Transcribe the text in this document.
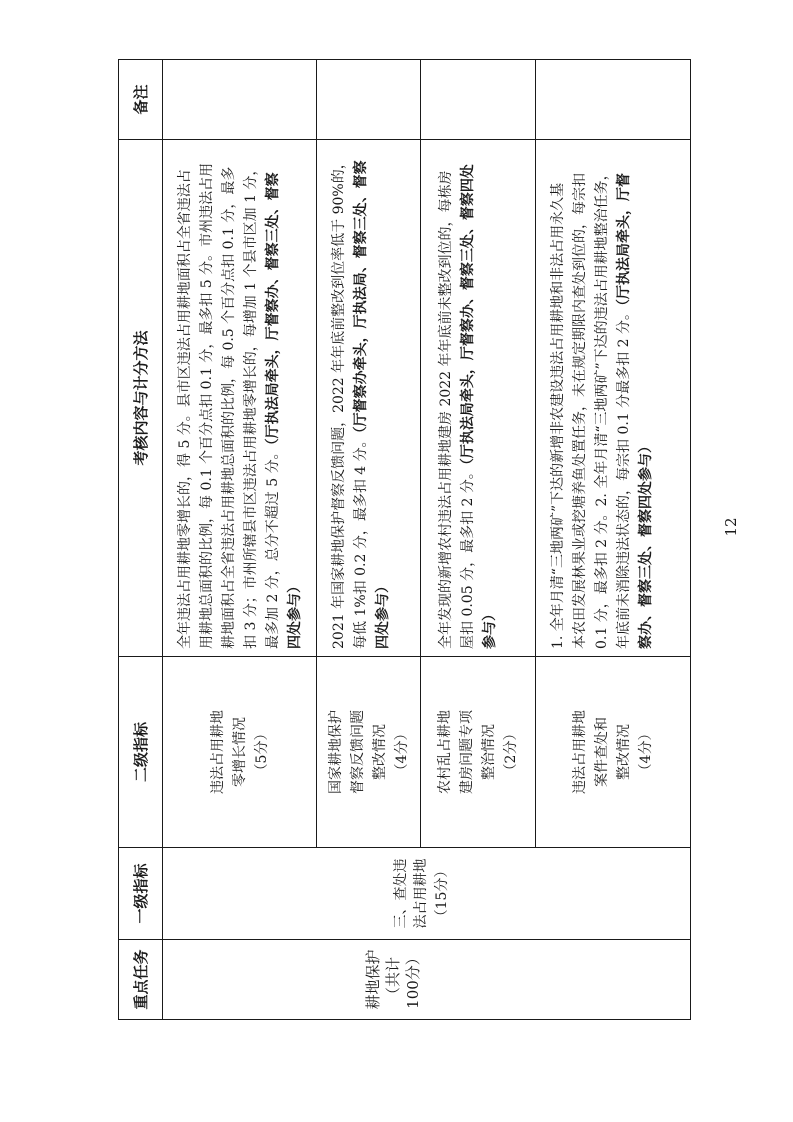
重点任务
一级指标
二级指标
考核内容与计分方法
备注
耕地保护 （共计 100分）
三、查处违 法占用耕地 （15分）
违法占用耕地 零增长情况 （5分）
全年违法占用耕地零增长的，得 5 分。县市区违法占用耕地面积占全省违法占 用耕地总面积的比例，每 0.1 个百分点扣 0.1 分，最多扣 5 分。市州违法占用 耕地面积占全省违法占用耕地总面积的比例，每 0.5 个百分点扣 0.1 分，最多 扣 3 分；市州所辖县市区违法占用耕地零增长的，每增加 1 个县市区加 1 分， 最多加 2 分，总分不超过 5 分。（厅执法局牵头，厅督察办、督察三处、督察
四处参与）
国家耕地保护 督察反馈问题 整改情况 （4分）
2021 年国家耕地保护督察反馈问题，2022 年年底前整改到位率低于 90%的， 每低 1%扣 0.2 分，最多扣 4 分。（厅督察办牵头，厅执法局、督察三处、督察
四处参与）
农村乱占耕地 建房问题专项 整治情况 （2分）
全年发现的新增农村违法占用耕地建房 2022 年年底前未整改到位的，每栋房 屋扣 0.05 分，最多扣 2 分。（厅执法局牵头，厅督察办、督察三处、督察四处
参与）
违法占用耕地 案件查处和 整改情况 （4分）
1. 全年月清“三地两矿”下达的新增非农建设违法占用耕地和非法占用永久基 本农田发展林果业或挖塘养鱼处置任务，未在规定期限内查处到位的，每宗扣 0.1 分，最多扣 2 分。2. 全年月清“三地两矿”下达的违法占用耕地整治任务， 年底前未消除违法状态的，每宗扣 0.1 分最多扣 2 分。（厅执法局牵头，厅督
察办、督察三处、督察四处参与）	12
